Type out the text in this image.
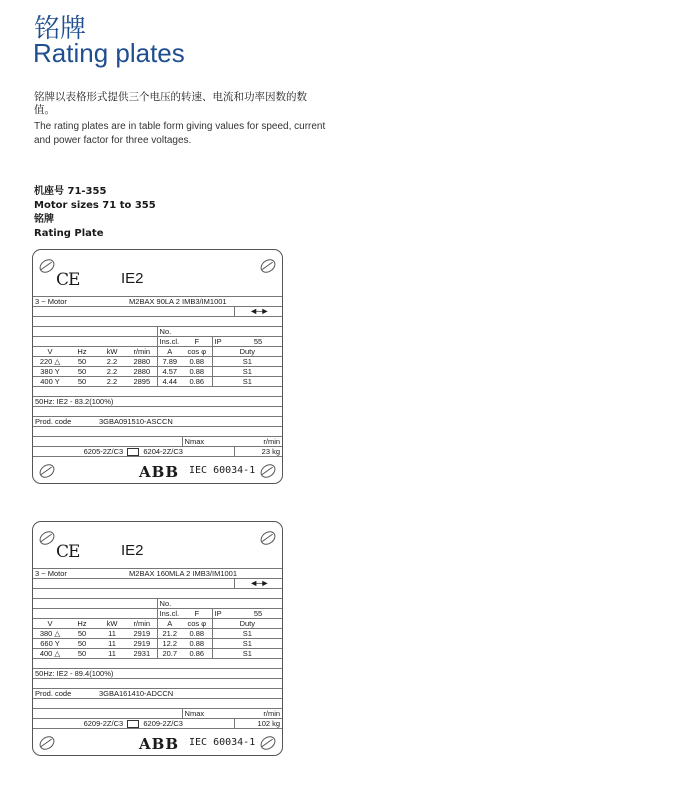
铭牌
Rating plates
铭牌以表格形式提供三个电压的转速、电流和功率因数的数值。
The rating plates are in table form giving values for speed, current and power factor for three voltages.
机座号 71-355
Motor sizes 71 to 355
铭牌
Rating Plate
CE	IE2
3 ~ Motor			M2BAX 90LA 2 IMB3/IM1001				
							◄─►

				No.			
				Ins.cl.	F	IP	55
V	Hz	kW	r/min	A	cos φ	Duty	
220 △	50	2.2	2880	7.89	0.88	S1	
380 Y	50	2.2	2880	4.57	0.88	S1	
400 Y	50	2.2	2895	4.44	0.86	S1	

50Hz: IE2 - 83.2(100%)							

Prod. code		3GBA091510-ASCCN					

					Nmax		r/min
6205-2Z/C3 6204-2Z/C3							23 kg
ABB IEC 60034-1
CE	IE2
3 ~ Motor			M2BAX 160MLA 2 IMB3/IM1001				
							◄─►

				No.			
				Ins.cl.	F	IP	55
V	Hz	kW	r/min	A	cos φ	Duty	
380 △	50	11	2919	21.2	0.88	S1	
660 Y	50	11	2919	12.2	0.88	S1	
400 △	50	11	2931	20.7	0.86	S1	

50Hz: IE2 - 89.4(100%)							

Prod. code		3GBA161410-ADCCN					

					Nmax		r/min
6209-2Z/C3 6209-2Z/C3							102 kg
ABB IEC 60034-1
